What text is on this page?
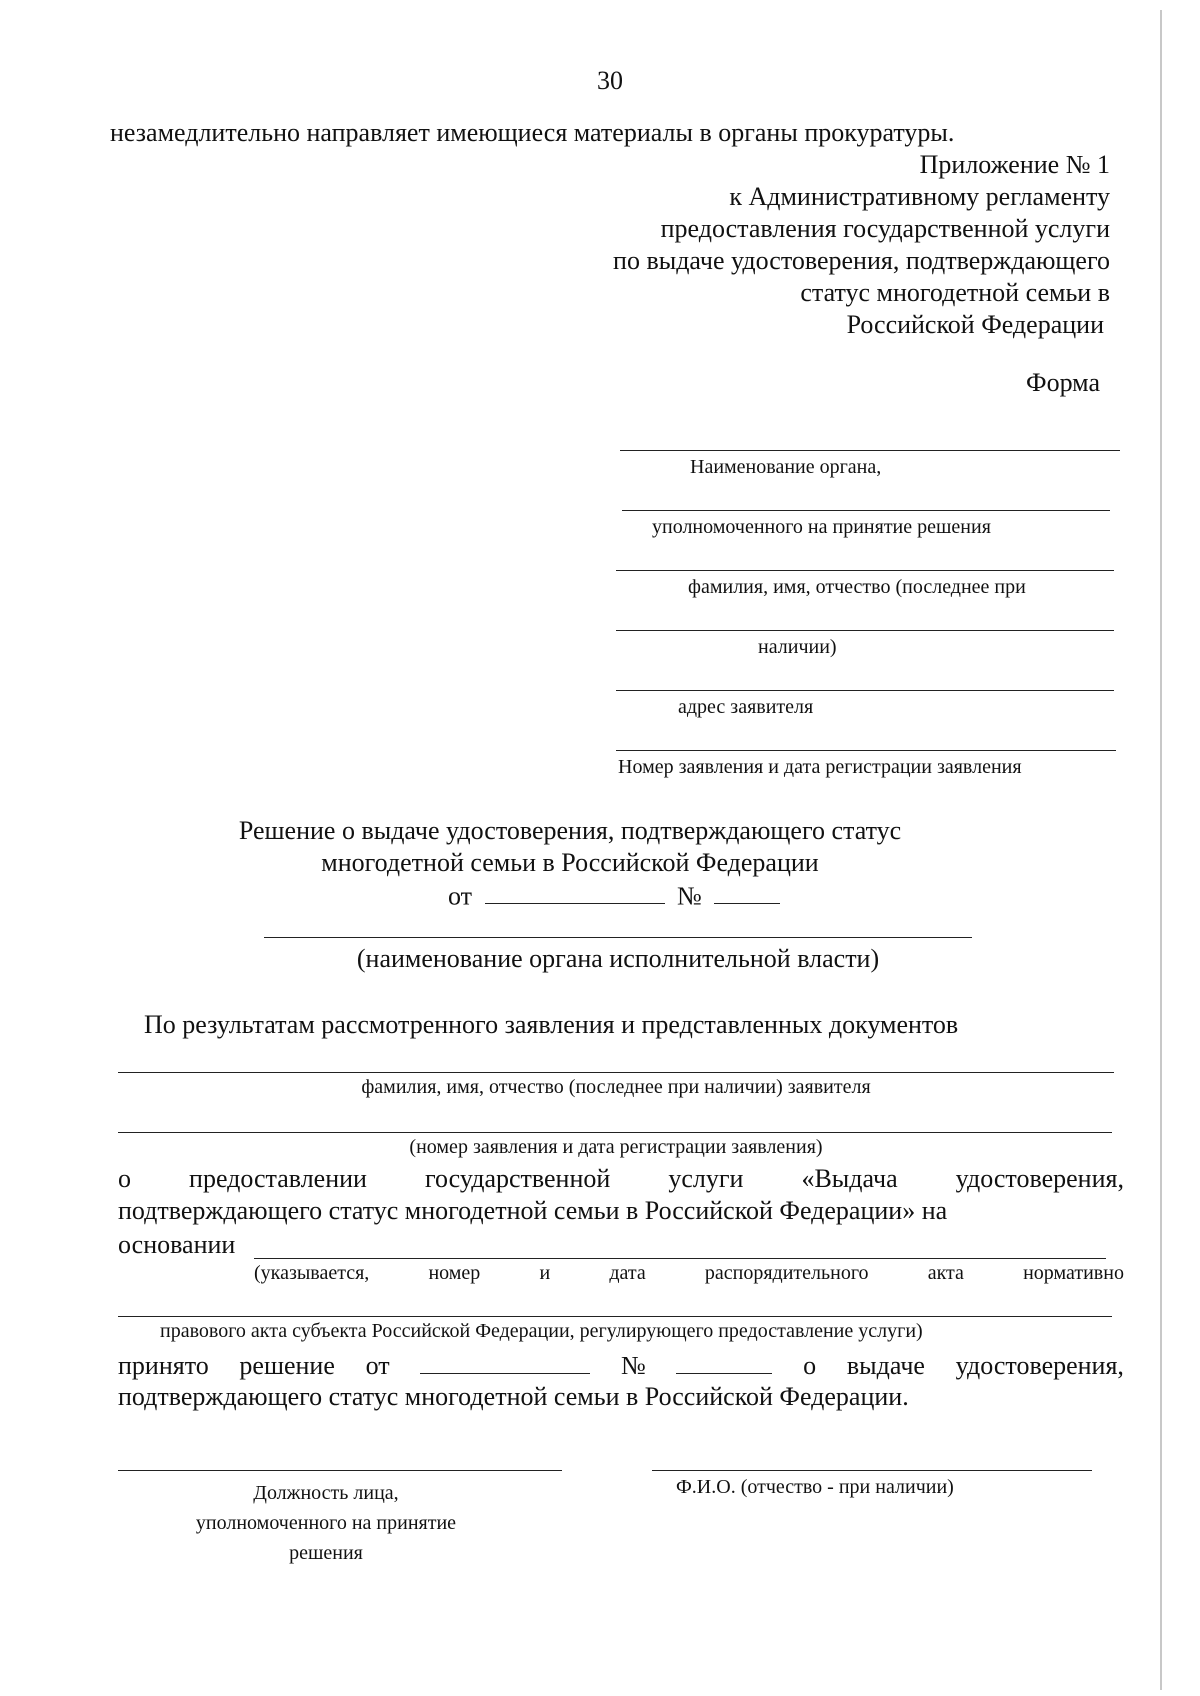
30

незамедлительно направляет имеющиеся материалы в органы прокуратуры.

Приложение № 1

к Административному регламенту

предоставления государственной услуги

по выдаче удостоверения, подтверждающего

статус многодетной семьи в

Российской Федерации

Форма

Наименование органа,

уполномоченного на принятие решения

фамилия, имя, отчество (последнее при

наличии)

адрес заявителя

Номер заявления и дата регистрации заявления

Решение о выдаче удостоверения, подтверждающего статус

многодетной семьи в Российской Федерации

от	№

(наименование органа исполнительной власти)

По результатам рассмотренного заявления и представленных документов

фамилия, имя, отчество (последнее при наличии) заявителя

(номер заявления и дата регистрации заявления)

о предоставлении государственной услуги «Выдача удостоверения,

подтверждающего статус многодетной семьи в Российской Федерации» на

основании

(указывается,	номер	и	дата	распорядительного	акта	нормативно

правового акта субъекта Российской Федерации, регулирующего предоставление услуги)

принято решение от	№	о выдаче удостоверения,

подтверждающего статус многодетной семьи в Российской Федерации.

Должность лица,
уполномоченного на принятие
решения

Ф.И.О. (отчество - при наличии)
